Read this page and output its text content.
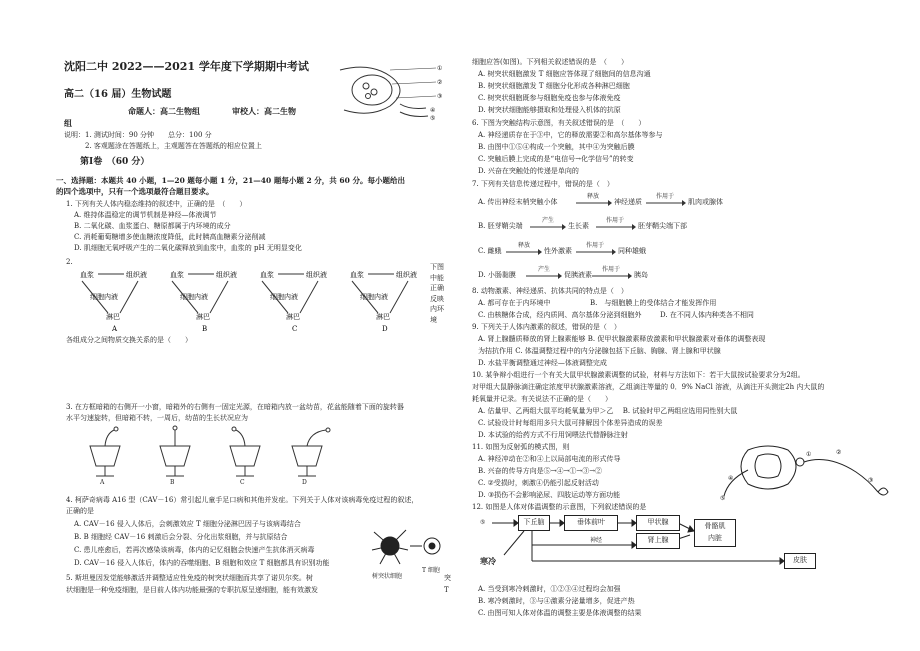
沈阳二中 2022——2021 学年度下学期期中考试	①
②
③
④
⑤
高二（16 届）生物试题
命题人：高二生物组　　　　审校人：高二生物
组
说明：1. 测试时间：90 分钟　　总分：100 分
　　　2. 客观题涂在答题纸上，主观题答在答题纸的相应位置上
第Ⅰ卷　（60 分）
一、选择题：本题共 40 小题，1—20 题每小题 1 分，21—40 题每小题 2 分，共 60 分。每小题给出
的四个选项中，只有一个选项最符合题目要求。
1. 下列有关人体内稳态维持的叙述中，正确的是　（　　）
A. 维持体温稳定的调节机制是神经—体液调节
B. 二氧化碳、血浆蛋白、糖原都属于内环境的成分
C. 消耗葡萄糖增多使血糖浓度降低，此时胰高血糖素分泌削减
D. 肌细胞无氧呼吸产生的二氧化碳释放到血浆中，血浆的 pH 无明显变化
2.
血浆	组织液
细胞内液
淋巴
A
血浆	组织液
细胞内液
淋巴
B
血浆	组织液
细胞内液
淋巴
C
血浆	组织液
细胞内液
淋巴
D
下图
中能
正确
反映
内环
境
各组成分之间物质交换关系的是（　　）
3. 在方框暗箱的右侧开一小窗，暗箱外的右侧有一固定光源，在暗箱内放一盆幼苗，花盆能随着下面的旋转器
水平匀速旋转，但暗箱不转，一周后，幼苗的生长状况应为
A	B	C	D
4. 柯萨奇病毒 A16 型（CAV－16）常引起儿童手足口病和其他并发症。下列关于人体对该病毒免疫过程的叙述，
正确的是
A. CAV－16 侵入人体后，会刺激效应 T 细胞分泌淋巴因子与该病毒结合
B. B 细胞经 CAV－16 刺激后会分裂、分化出浆细胞，并与抗原结合
C. 患儿痊愈后，若再次感染该病毒，体内的记忆细胞会快速产生抗体消灭病毒
D. CAV－16 侵入人体后，体内的吞噬细胞、B 细胞和效应 T 细胞都具有识别功能
树突状细胞
T 细胞
5. 斯坦曼因发觉能够激活并调整适应性免疫的树突状细胞而共享了诺贝尔奖。树
状细胞是一种免疫细胞，是目前人体内功能最强的专职抗原呈递细胞，能有效激发
突
T
细胞应答(如图)。下列相关叙述错误的是　（　　）
A. 树突状细胞激发 T 细胞应答体现了细胞间的信息沟通
B. 树突状细胞激发 T 细胞分化形成各种淋巴细胞
C. 树突状细胞既参与细胞免疫也参与体液免疫
D. 树突状细胞能够摄取和处理侵入机体的抗原
6. 下图为突触结构示意图，有关叙述错误的是　（　　）
A. 神经递质存在于③中，它的释放需要②和高尔基体等参与
B. 由图中①⑤④构成一个突触，其中④为突触后膜
C. 突触后膜上完成的是“电信号→化学信号”的转变
D. 兴奋在突触处的传递是单向的
7. 下列有关信息传递过程中，错误的是（　）
A. 传出神经末梢突触小体
释放
神经递质
作用于
肌肉或腺体
B. 胚芽鞘尖端
产生
生长素
作用于
胚芽鞘尖端下部
C. 雌蛾
释放
性外激素
作用于
同种雄蛾
D. 小肠黏膜
产生
促胰液素
作用于
胰岛
8. 动物激素、神经递质、抗体共同的特点是（　）
A. 都可存在于内环境中	B.　与细胞膜上的受体结合才能发挥作用
C. 由核糖体合成，经内质网、高尔基体分泌到细胞外	D. 在不同人体内种类各不相同
9. 下列关于人体内激素的叙述，错误的是（　）
A. 肾上腺髓质释放的肾上腺素能够 B. 促甲状腺激素释放激素和甲状腺激素对垂体的调整表现
为拮抗作用 C. 体温调整过程中的内分泌腺包括下丘脑、胸腺、肾上腺和甲状腺
D. 水盐平衡调整通过神经—体液调整完成
10. 某争辩小组进行一个有关大鼠甲状腺激素调整的试验，材料与方法如下：若干大鼠按试验要求分为2组。
对甲组大鼠静脉滴注确定浓度甲状腺激素溶液，乙组滴注等量的 0．9% NaCl 溶液，从滴注开头测定2h 内大鼠的
耗氧量并记录。有关说法不正确的是（　　）
A. 估量甲、乙两组大鼠平均耗氧量为甲＞乙　 B. 试验时甲乙两组应选用同性别大鼠
C. 试验设计时每组用多只大鼠可排解因个体差异造成的误差
D. 本试验的给药方式不行用饲喂法代替静脉注射
11. 如图为反射弧的模式图，则
A. 神经冲动在②和④上以局部电流的形式传导
B. 兴奋的传导方向是⑤→④→①→③→②
C. ②受损时，刺激④仍能引起反射活动
D. ③损伤不会影响泌尿、四肢运动等方面功能	⑤
①	②
③
④
12. 如图是人体对体温调整的示意图，下列叙述错误的是
⑤	下丘脑	垂体前叶	甲状腺
肾上腺
骨骼肌
内脏
皮肤
神经
寒冷
A. 当受到寒冷刺激时，①②③④过程均会加强
B. 寒冷刺激时，③与④激素分泌量增多，促进产热
C. 由图可知人体对体温的调整主要是体液调整的结果
